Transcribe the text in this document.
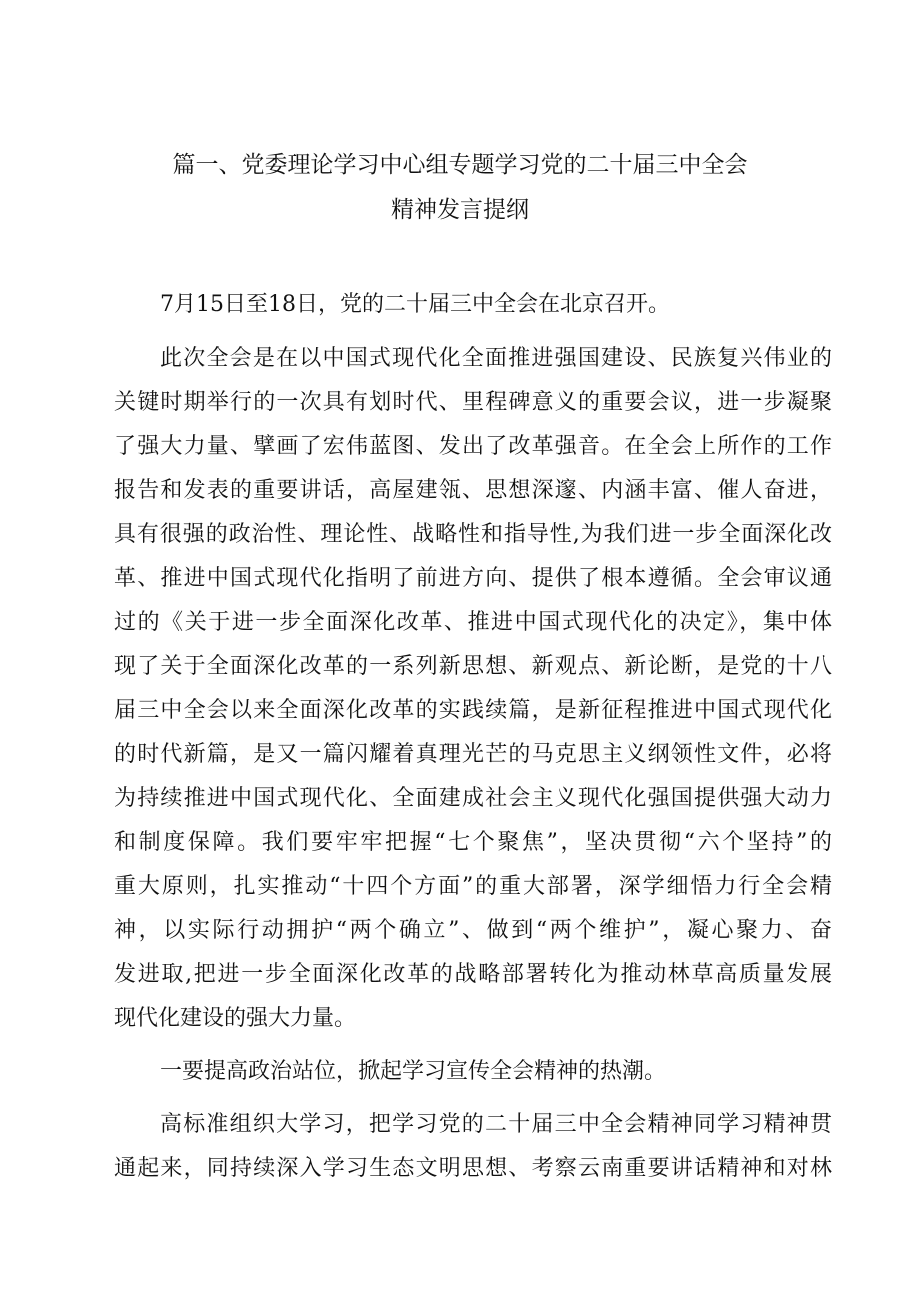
篇一、党委理论学习中心组专题学习党的二十届三中全会
精神发言提纲
7月15日至18日，党的二十届三中全会在北京召开。
此次全会是在以中国式现代化全面推进强国建设、民族复兴伟业的
关键时期举行的一次具有划时代、里程碑意义的重要会议，进一步凝聚
了强大力量、擘画了宏伟蓝图、发出了改革强音。在全会上所作的工作
报告和发表的重要讲话，高屋建瓴、思想深邃、内涵丰富、催人奋进，
具有很强的政治性、理论性、战略性和指导性,为我们进一步全面深化改
革、推进中国式现代化指明了前进方向、提供了根本遵循。全会审议通
过的《关于进一步全面深化改革、推进中国式现代化的决定》，集中体
现了关于全面深化改革的一系列新思想、新观点、新论断，是党的十八
届三中全会以来全面深化改革的实践续篇，是新征程推进中国式现代化
的时代新篇，是又一篇闪耀着真理光芒的马克思主义纲领性文件，必将
为持续推进中国式现代化、全面建成社会主义现代化强国提供强大动力
和制度保障。我们要牢牢把握“七个聚焦”，坚决贯彻“六个坚持”的
重大原则，扎实推动“十四个方面”的重大部署，深学细悟力行全会精
神，以实际行动拥护“两个确立”、做到“两个维护”，凝心聚力、奋
发进取,把进一步全面深化改革的战略部署转化为推动林草高质量发展
现代化建设的强大力量。
一要提高政治站位，掀起学习宣传全会精神的热潮。
高标准组织大学习，把学习党的二十届三中全会精神同学习精神贯
通起来，同持续深入学习生态文明思想、考察云南重要讲话精神和对林
